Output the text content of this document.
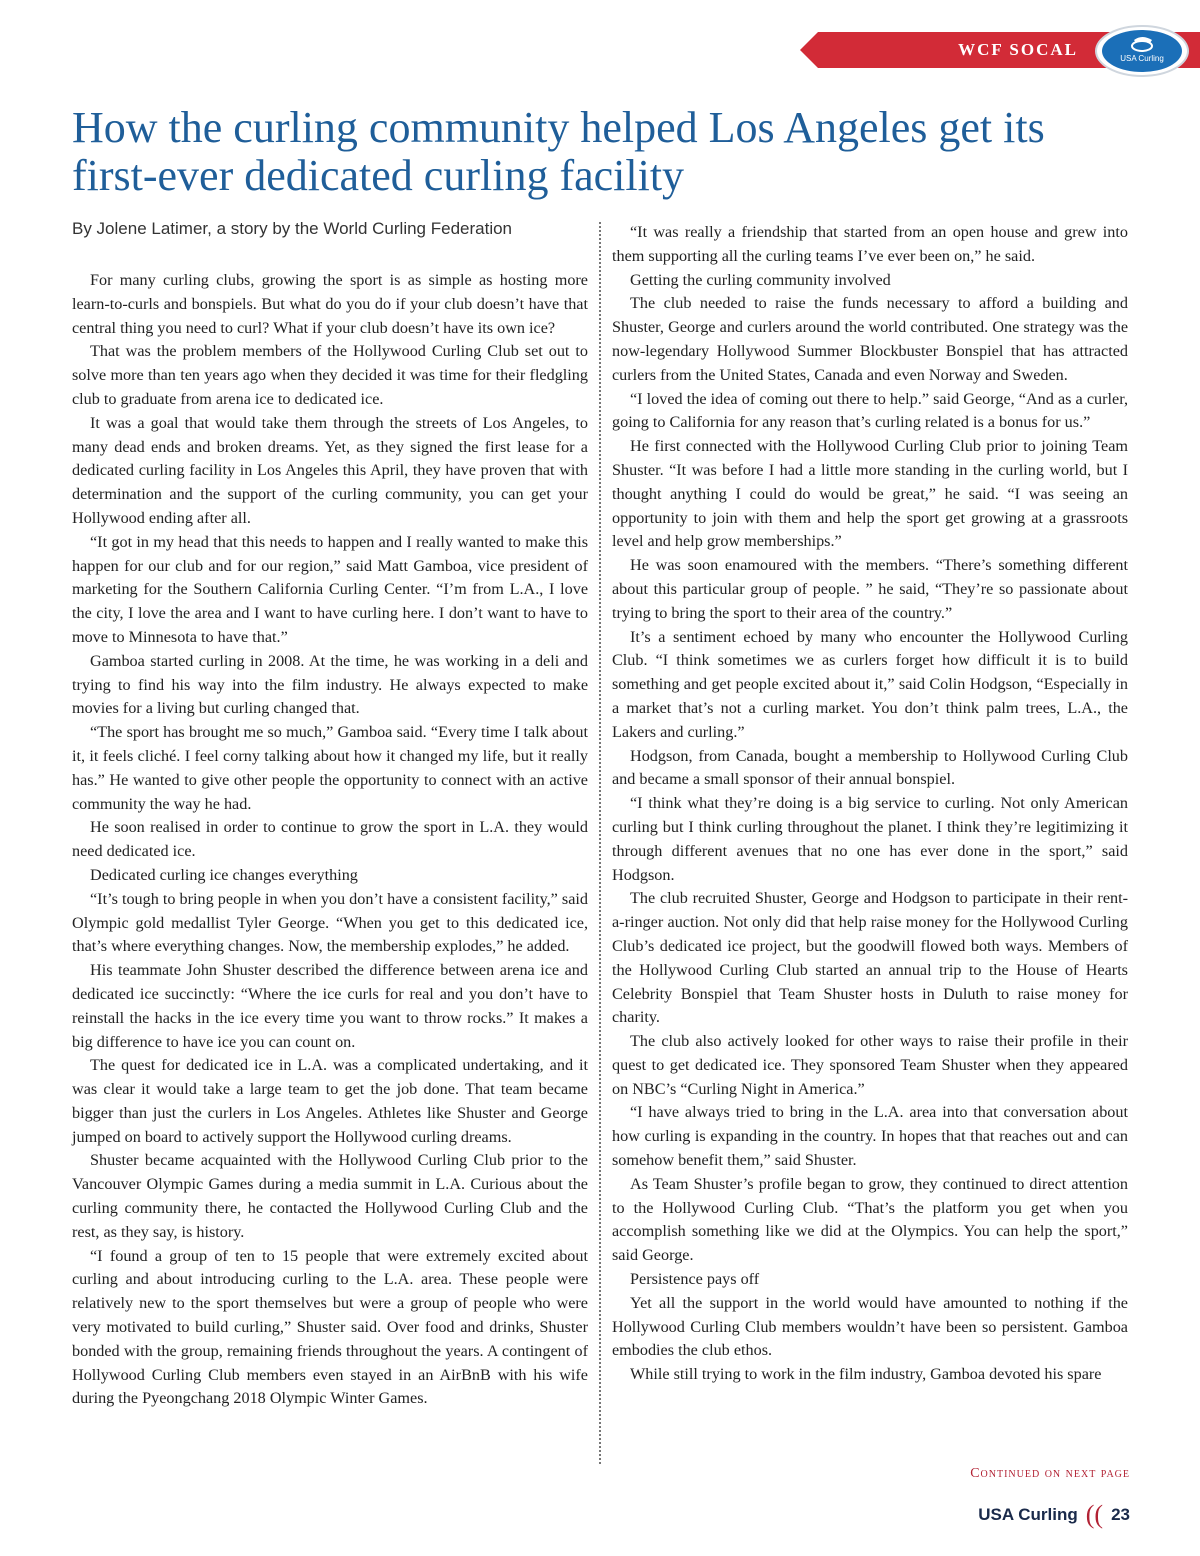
WCF SOCAL	USA Curling
How the curling community helped Los Angeles get its first-ever dedicated curling facility
By Jolene Latimer, a story by the World Curling Federation

For many curling clubs, growing the sport is as simple as hosting more learn-to-curls and bonspiels. But what do you do if your club doesn’t have that central thing you need to curl? What if your club doesn’t have its own ice?

That was the problem members of the Hollywood Curling Club set out to solve more than ten years ago when they decided it was time for their fledgling club to graduate from arena ice to dedicated ice.

It was a goal that would take them through the streets of Los Angeles, to many dead ends and broken dreams. Yet, as they signed the first lease for a dedicated curling facility in Los Angeles this April, they have proven that with determination and the support of the curling community, you can get your Hollywood ending after all.

“It got in my head that this needs to happen and I really wanted to make this happen for our club and for our region,” said Matt Gamboa, vice president of marketing for the Southern California Curling Center. “I’m from L.A., I love the city, I love the area and I want to have curling here. I don’t want to have to move to Minnesota to have that.”

Gamboa started curling in 2008. At the time, he was working in a deli and trying to find his way into the film industry. He always expected to make movies for a living but curling changed that.

“The sport has brought me so much,” Gamboa said. “Every time I talk about it, it feels cliché. I feel corny talking about how it changed my life, but it really has.” He wanted to give other people the opportunity to connect with an active community the way he had.

He soon realised in order to continue to grow the sport in L.A. they would need dedicated ice.

Dedicated curling ice changes everything

“It’s tough to bring people in when you don’t have a consistent facility,” said Olympic gold medallist Tyler George. “When you get to this dedicated ice, that’s where everything changes. Now, the membership explodes,” he added.

His teammate John Shuster described the difference between arena ice and dedicated ice succinctly: “Where the ice curls for real and you don’t have to reinstall the hacks in the ice every time you want to throw rocks.” It makes a big difference to have ice you can count on.

The quest for dedicated ice in L.A. was a complicated undertaking, and it was clear it would take a large team to get the job done. That team became bigger than just the curlers in Los Angeles. Athletes like Shuster and George jumped on board to actively support the Hollywood curling dreams.

Shuster became acquainted with the Hollywood Curling Club prior to the Vancouver Olympic Games during a media summit in L.A. Curious about the curling community there, he contacted the Hollywood Curling Club and the rest, as they say, is history.

“I found a group of ten to 15 people that were extremely excited about curling and about introducing curling to the L.A. area. These people were relatively new to the sport themselves but were a group of people who were very motivated to build curling,” Shuster said. Over food and drinks, Shuster bonded with the group, remaining friends throughout the years. A contingent of Hollywood Curling Club members even stayed in an AirBnB with his wife during the Pyeongchang 2018 Olympic Winter Games.

“It was really a friendship that started from an open house and grew into them supporting all the curling teams I’ve ever been on,” he said.

Getting the curling community involved

The club needed to raise the funds necessary to afford a building and Shuster, George and curlers around the world contributed. One strategy was the now-legendary Hollywood Summer Blockbuster Bonspiel that has attracted curlers from the United States, Canada and even Norway and Sweden.

“I loved the idea of coming out there to help.” said George, “And as a curler, going to California for any reason that’s curling related is a bonus for us.”

He first connected with the Hollywood Curling Club prior to joining Team Shuster. “It was before I had a little more standing in the curling world, but I thought anything I could do would be great,” he said. “I was seeing an opportunity to join with them and help the sport get growing at a grassroots level and help grow memberships.”

He was soon enamoured with the members. “There’s something different about this particular group of people. ” he said, “They’re so passionate about trying to bring the sport to their area of the country.”

It’s a sentiment echoed by many who encounter the Hollywood Curling Club. “I think sometimes we as curlers forget how difficult it is to build something and get people excited about it,” said Colin Hodgson, “Especially in a market that’s not a curling market. You don’t think palm trees, L.A., the Lakers and curling.”

Hodgson, from Canada, bought a membership to Hollywood Curling Club and became a small sponsor of their annual bonspiel.

“I think what they’re doing is a big service to curling. Not only American curling but I think curling throughout the planet. I think they’re legitimizing it through different avenues that no one has ever done in the sport,” said Hodgson.

The club recruited Shuster, George and Hodgson to participate in their rent-a-ringer auction. Not only did that help raise money for the Hollywood Curling Club’s dedicated ice project, but the goodwill flowed both ways. Members of the Hollywood Curling Club started an annual trip to the House of Hearts Celebrity Bonspiel that Team Shuster hosts in Duluth to raise money for charity.

The club also actively looked for other ways to raise their profile in their quest to get dedicated ice. They sponsored Team Shuster when they appeared on NBC’s “Curling Night in America.”

“I have always tried to bring in the L.A. area into that conversation about how curling is expanding in the country. In hopes that that reaches out and can somehow benefit them,” said Shuster.

As Team Shuster’s profile began to grow, they continued to direct attention to the Hollywood Curling Club. “That’s the platform you get when you accomplish something like we did at the Olympics. You can help the sport,” said George.

Persistence pays off

Yet all the support in the world would have amounted to nothing if the Hollywood Curling Club members wouldn’t have been so persistent. Gamboa embodies the club ethos.

While still trying to work in the film industry, Gamboa devoted his spare

Continued on next page
USA Curling (( 23
